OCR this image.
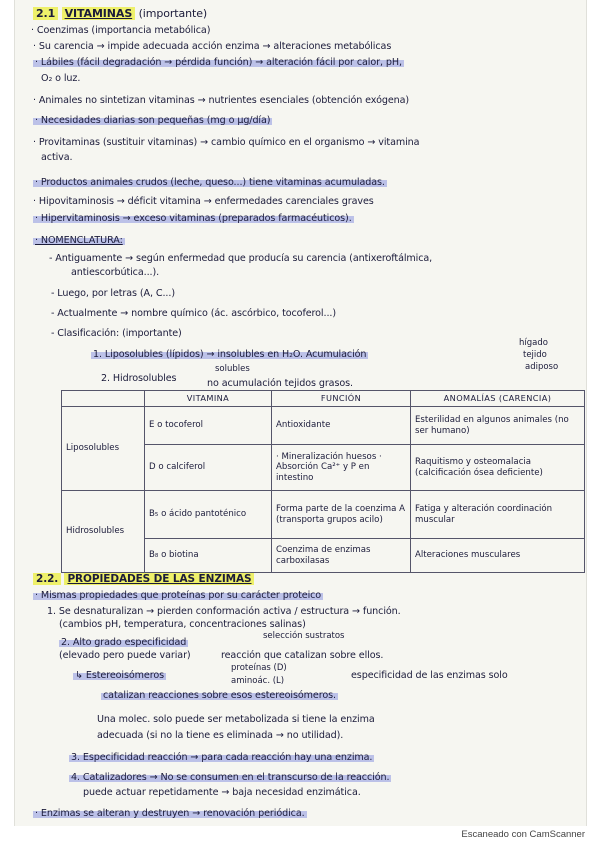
2.1 VITAMINAS (importante)
· Coenzimas (importancia metabólica)
· Su carencia → impide adecuada acción enzima → alteraciones metabólicas
· Lábiles (fácil degradación → pérdida función) → alteración fácil por calor, pH,
O₂ o luz.
· Animales no sintetizan vitaminas → nutrientes esenciales (obtención exógena)
· Necesidades diarias son pequeñas (mg o μg/día)
· Provitaminas (sustituir vitaminas) → cambio químico en el organismo → vitamina
activa.
· Productos animales crudos (leche, queso...) tiene vitaminas acumuladas.
· Hipovitaminosis → déficit vitamina → enfermedades carenciales graves
· Hipervitaminosis → exceso vitaminas (preparados farmacéuticos).
· NOMENCLATURA:
- Antiguamente → según enfermedad que producía su carencia (antixeroftálmica,
antiescorbútica...).
- Luego, por letras (A, C...)
- Actualmente → nombre químico (ác. ascórbico, tocoferol...)
- Clasificación: (importante)
1. Liposolubles (lípidos) → insolubles en H₂O. Acumulación
2. Hidrosolubles	no acumulación tejidos grasos.
hígado
tejido
adiposo
solubles
	VITAMINA	FUNCIÓN	ANOMALÍAS (CARENCIA)
Liposolubles	E o tocoferol	Antioxidante	Esterilidad en algunos animales (no ser humano)
	D o calciferol	· Mineralización huesos · Absorción Ca²⁺ y P en intestino	Raquitismo y osteomalacia (calcificación ósea deficiente)
Hidrosolubles	B₅ o ácido pantoténico	Forma parte de la coenzima A (transporta grupos acilo)	Fatiga y alteración coordinación muscular
	B₈ o biotina	Coenzima de enzimas carboxilasas	Alteraciones musculares
2.2. PROPIEDADES DE LAS ENZIMAS
· Mismas propiedades que proteínas por su carácter proteico
1. Se desnaturalizan → pierden conformación activa / estructura → función.
(cambios pH, temperatura, concentraciones salinas)
2. Alto grado especificidad
selección sustratos
(elevado pero puede variar)	reacción que catalizan sobre ellos.
↳ Estereoisómeros
proteínas (D)
aminoác. (L)	especificidad de las enzimas solo
catalizan reacciones sobre esos estereoisómeros.
Una molec. solo puede ser metabolizada si tiene la enzima
adecuada (si no la tiene es eliminada → no utilidad).
3. Especificidad reacción → para cada reacción hay una enzima.
4. Catalizadores → No se consumen en el transcurso de la reacción.
puede actuar repetidamente → baja necesidad enzimática.
· Enzimas se alteran y destruyen → renovación periódica.
Escaneado con CamScanner
